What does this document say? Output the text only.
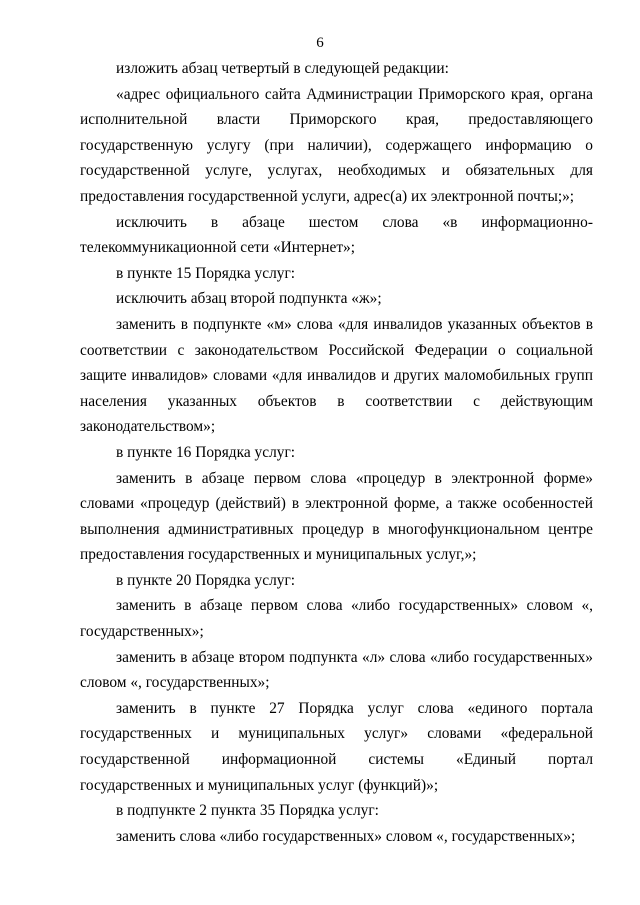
6

изложить абзац четвертый в следующей редакции:

«адрес официального сайта Администрации Приморского края, органа исполнительной власти Приморского края, предоставляющего государственную услугу (при наличии), содержащего информацию о государственной услуге, услугах, необходимых и обязательных для предоставления государственной услуги, адрес(а) их электронной почты;»;

исключить в абзаце шестом слова «в информационно-телекоммуникационной сети «Интернет»;

в пункте 15 Порядка услуг:

исключить абзац второй подпункта «ж»;

заменить в подпункте «м» слова «для инвалидов указанных объектов в соответствии с законодательством Российской Федерации о социальной защите инвалидов» словами «для инвалидов и других маломобильных групп населения указанных объектов в соответствии с действующим законодательством»;

в пункте 16 Порядка услуг:

заменить в абзаце первом слова «процедур в электронной форме» словами «процедур (действий) в электронной форме, а также особенностей выполнения административных процедур в многофункциональном центре предоставления государственных и муниципальных услуг,»;

в пункте 20 Порядка услуг:

заменить в абзаце первом слова «либо государственных» словом «, государственных»;

заменить в абзаце втором подпункта «л» слова «либо государственных» словом «, государственных»;

заменить в пункте 27 Порядка услуг слова «единого портала государственных и муниципальных услуг» словами «федеральной государственной информационной системы «Единый портал государственных и муниципальных услуг (функций)»;

в подпункте 2 пункта 35 Порядка услуг:

заменить слова «либо государственных» словом «, государственных»;
